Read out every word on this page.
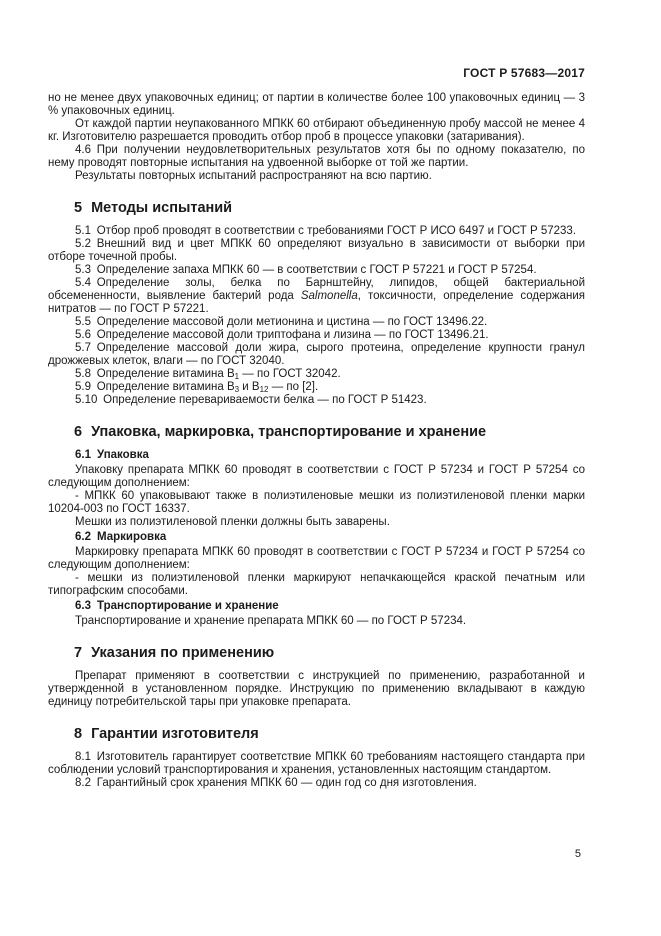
ГОСТ Р 57683—2017

но не менее двух упаковочных единиц; от партии в количестве более 100 упаковочных единиц — 3 % упаковочных единиц.

От каждой партии неупакованного МПКК 60 отбирают объединенную пробу массой не менее 4 кг. Изготовителю разрешается проводить отбор проб в процессе упаковки (затаривания).

4.6 При получении неудовлетворительных результатов хотя бы по одному показателю, по нему проводят повторные испытания на удвоенной выборке от той же партии.

Результаты повторных испытаний распространяют на всю партию.

5 Методы испытаний

5.1 Отбор проб проводят в соответствии с требованиями ГОСТ Р ИСО 6497 и ГОСТ Р 57233.

5.2 Внешний вид и цвет МПКК 60 определяют визуально в зависимости от выборки при отборе точечной пробы.

5.3 Определение запаха МПКК 60 — в соответствии с ГОСТ Р 57221 и ГОСТ Р 57254.

5.4 Определение золы, белка по Барнштейну, липидов, общей бактериальной обсемененности, выявление бактерий рода Salmonella, токсичности, определение содержания нитратов — по ГОСТ Р 57221.

5.5 Определение массовой доли метионина и цистина — по ГОСТ 13496.22.

5.6 Определение массовой доли триптофана и лизина — по ГОСТ 13496.21.

5.7 Определение массовой доли жира, сырого протеина, определение крупности гранул дрожжевых клеток, влаги — по ГОСТ 32040.

5.8 Определение витамина $B_1$ — по ГОСТ 32042.

5.9 Определение витамина $B_3$ и $B_{12}$ — по [2].

5.10 Определение перевариваемости белка — по ГОСТ Р 51423.

6 Упаковка, маркировка, транспортирование и хранение
6.1 Упаковка

Упаковку препарата МПКК 60 проводят в соответствии с ГОСТ Р 57234 и ГОСТ Р 57254 со следующим дополнением:

- МПКК 60 упаковывают также в полиэтиленовые мешки из полиэтиленовой пленки марки 10204-003 по ГОСТ 16337.

Мешки из полиэтиленовой пленки должны быть заварены.

6.2 Маркировка

Маркировку препарата МПКК 60 проводят в соответствии с ГОСТ Р 57234 и ГОСТ Р 57254 со следующим дополнением:

- мешки из полиэтиленовой пленки маркируют непачкающейся краской печатным или типографским способами.

6.3 Транспортирование и хранение

Транспортирование и хранение препарата МПКК 60 — по ГОСТ Р 57234.

7 Указания по применению

Препарат применяют в соответствии с инструкцией по применению, разработанной и утвержденной в установленном порядке. Инструкцию по применению вкладывают в каждую единицу потребительской тары при упаковке препарата.

8 Гарантии изготовителя

8.1 Изготовитель гарантирует соответствие МПКК 60 требованиям настоящего стандарта при соблюдении условий транспортирования и хранения, установленных настоящим стандартом.

8.2 Гарантийный срок хранения МПКК 60 — один год со дня изготовления.

5
